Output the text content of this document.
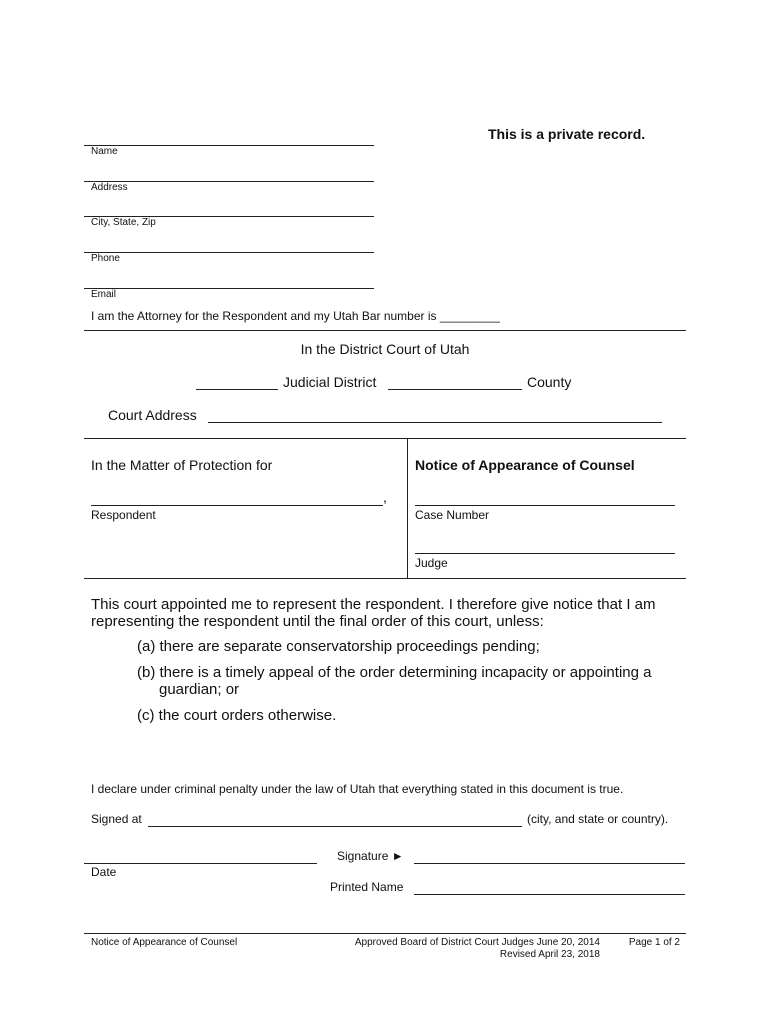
This is a private record.
Name
Address
City, State, Zip
Phone
Email
I am the Attorney for the Respondent and my Utah Bar number is _________
In the District Court of Utah
Judicial District	County
Court Address
In the Matter of Protection for
,
Respondent
Notice of Appearance of Counsel
Case Number
Judge
This court appointed me to represent the respondent. I therefore give notice that I am representing the respondent until the final order of this court, unless:
(a) there are separate conservatorship proceedings pending;
(b) there is a timely appeal of the order determining incapacity or appointing a guardian; or
(c) the court orders otherwise.
I declare under criminal penalty under the law of Utah that everything stated in this document is true.
Signed at	(city, and state or country).
Signature ►
Date
Printed Name
Notice of Appearance of Counsel	Approved Board of District Court Judges June 20, 2014
Revised April 23, 2018
Page 1 of 2
